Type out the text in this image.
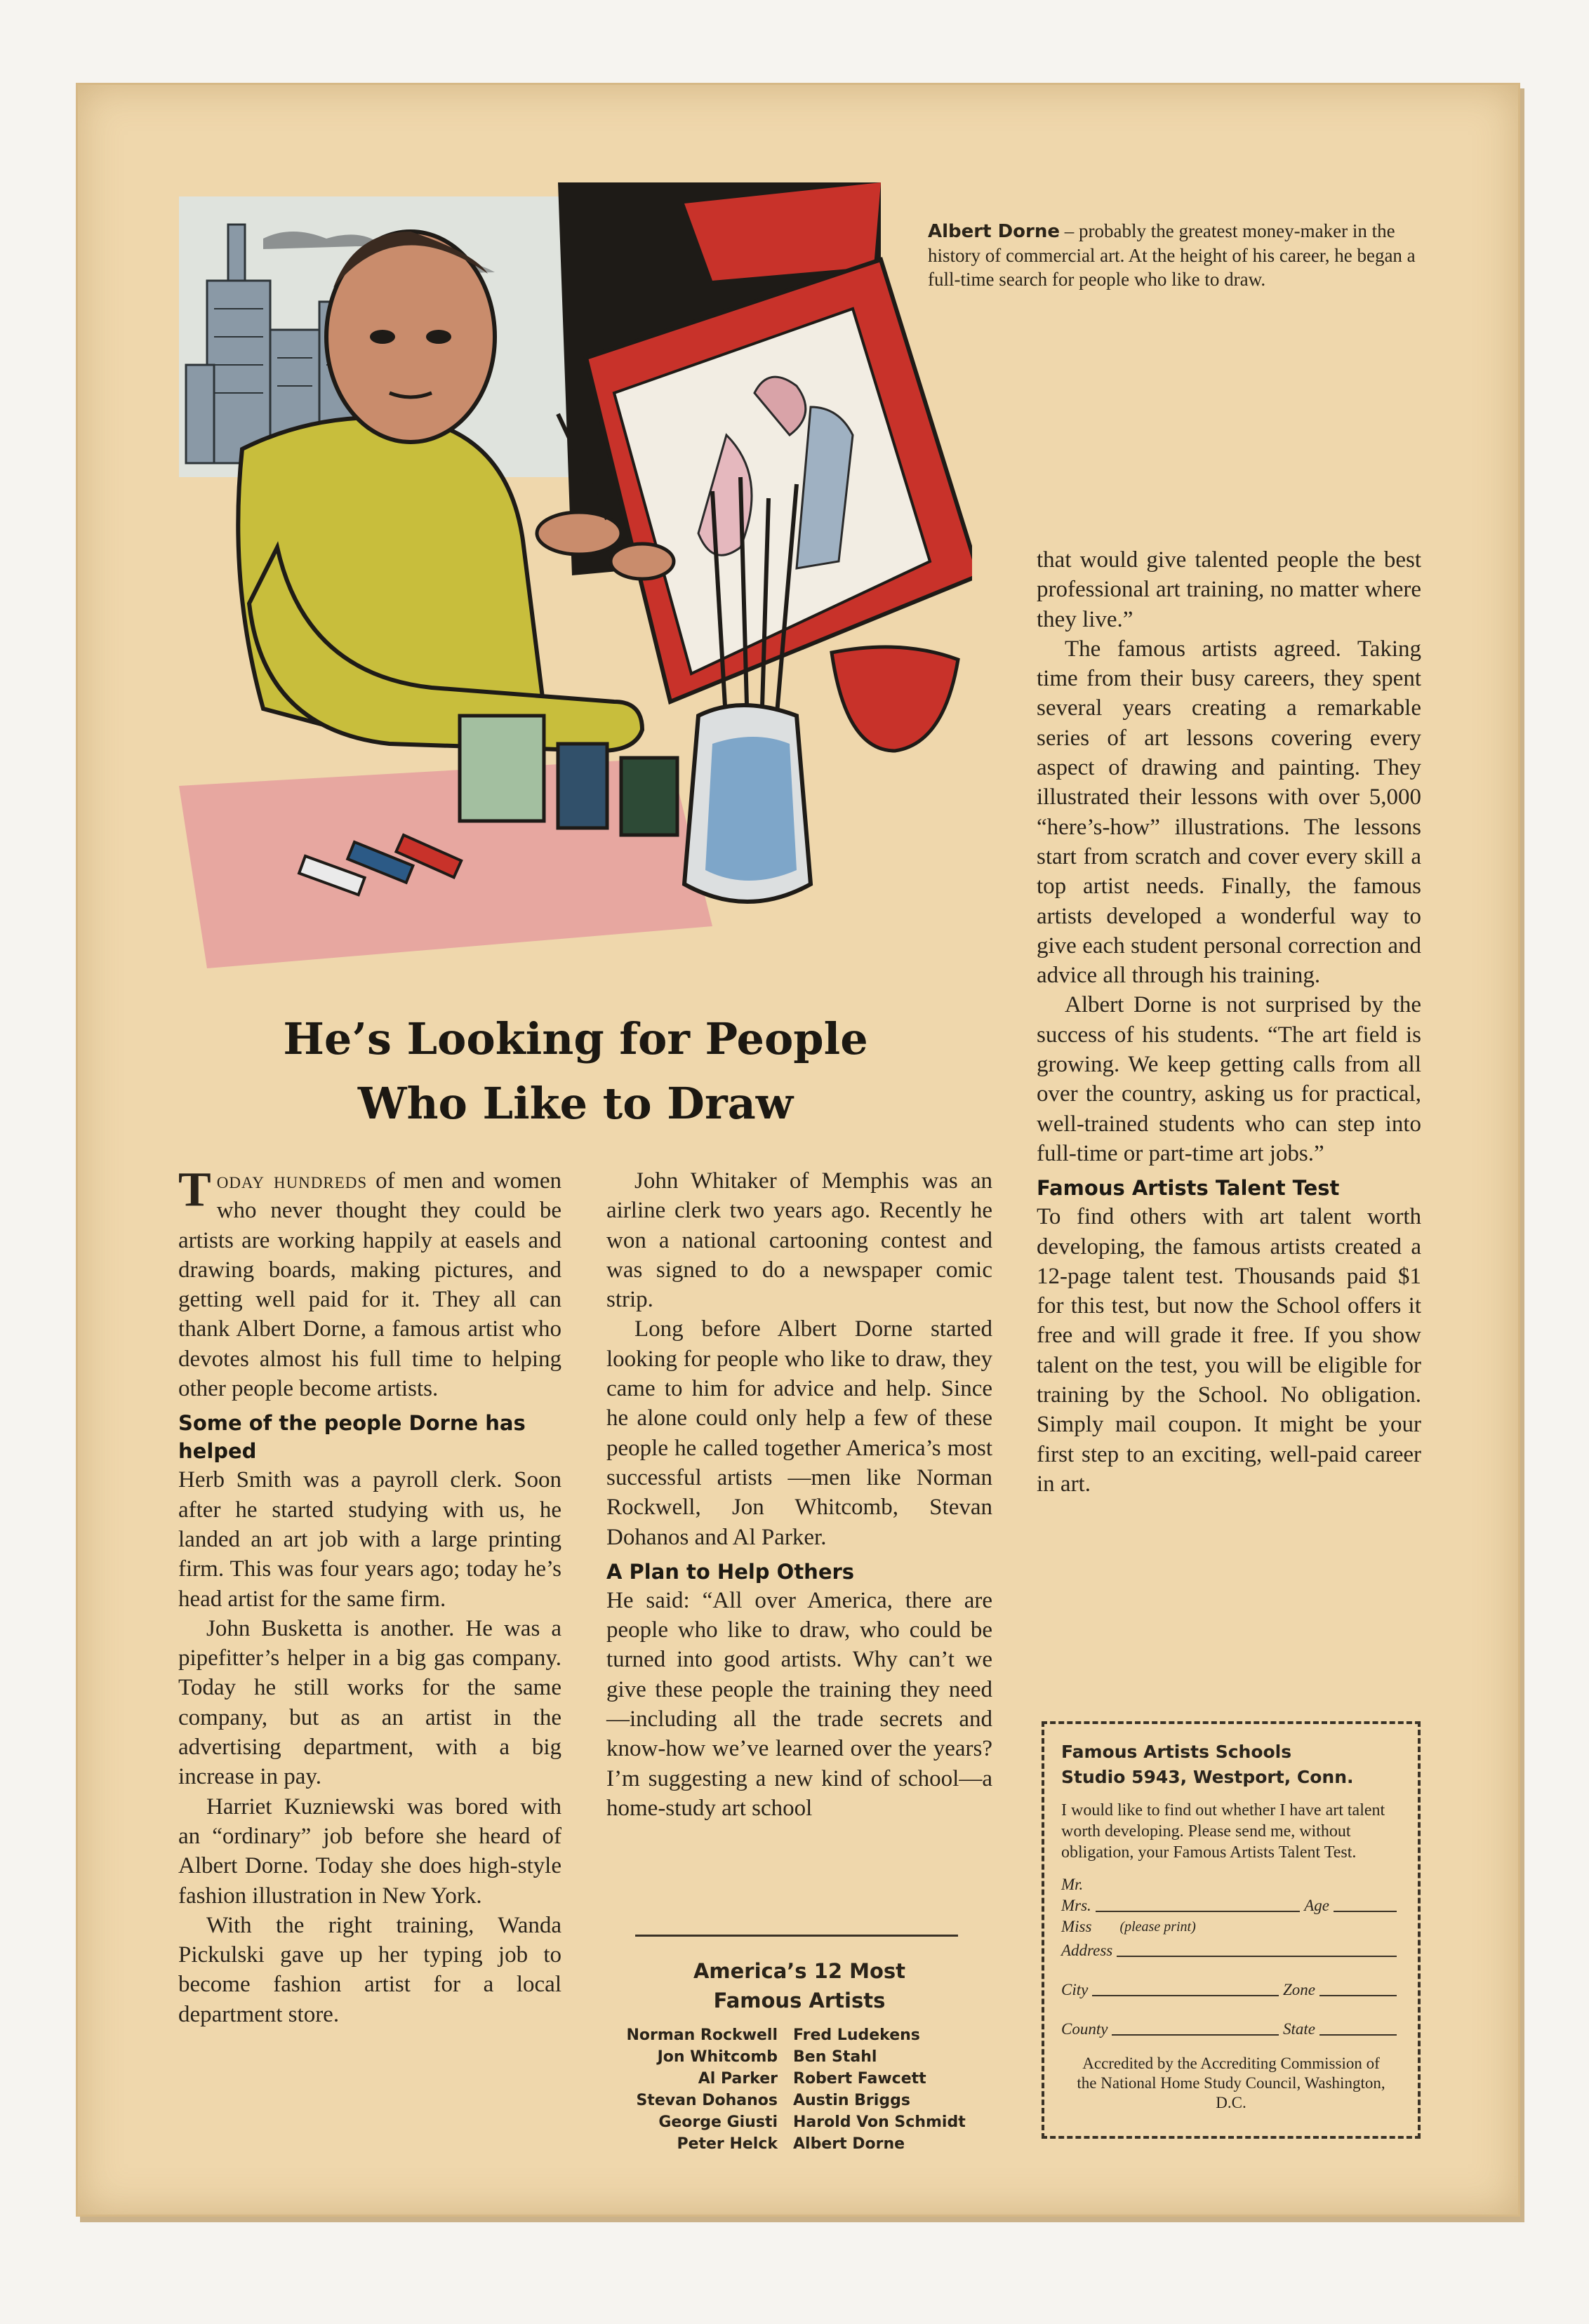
Albert Dorne – probably the greatest money-maker in the history of commercial art. At the height of his career, he began a full-time search for people who like to draw.
He’s Looking for People
Who Like to Draw

Today hundreds of men and women who never thought they could be artists are working happily at easels and drawing boards, making pictures, and getting well paid for it. They all can thank Albert Dorne, a famous artist who devotes almost his full time to helping other people become artists.

Some of the people Dorne has helped

Herb Smith was a payroll clerk. Soon after he started studying with us, he landed an art job with a large printing firm. This was four years ago; today he’s head artist for the same firm.

John Busketta is another. He was a pipefitter’s helper in a big gas company. Today he still works for the same company, but as an artist in the advertising department, with a big increase in pay.

Harriet Kuzniewski was bored with an “ordinary” job before she heard of Albert Dorne. Today she does high-style fashion illustration in New York.

With the right training, Wanda Pickulski gave up her typing job to become fashion artist for a local department store.

John Whitaker of Memphis was an airline clerk two years ago. Recently he won a national cartooning contest and was signed to do a newspaper comic strip.

Long before Albert Dorne started looking for people who like to draw, they came to him for advice and help. Since he alone could only help a few of these people he called together America’s most successful artists —men like Norman Rockwell, Jon Whitcomb, Stevan Dohanos and Al Parker.

A Plan to Help Others

He said: “All over America, there are people who like to draw, who could be turned into good artists. Why can’t we give these people the training they need—including all the trade secrets and know-how we’ve learned over the years? I’m suggesting a new kind of school—a home-study art school

America’s 12 Most
Famous Artists
Norman Rockwell	Fred Ludekens
Jon Whitcomb	Ben Stahl
Al Parker	Robert Fawcett
Stevan Dohanos	Austin Briggs
George Giusti	Harold Von Schmidt
Peter Helck	Albert Dorne

that would give talented people the best professional art training, no matter where they live.”

The famous artists agreed. Taking time from their busy careers, they spent several years creating a remarkable series of art lessons covering every aspect of drawing and painting. They illustrated their lessons with over 5,000 “here’s-how” illustrations. The lessons start from scratch and cover every skill a top artist needs. Finally, the famous artists developed a wonderful way to give each student personal correction and advice all through his training.

Albert Dorne is not surprised by the success of his students. “The art field is growing. We keep getting calls from all over the country, asking us for practical, well-trained students who can step into full-time or part-time art jobs.”

Famous Artists Talent Test

To find others with art talent worth developing, the famous artists created a 12-page talent test. Thousands paid $1 for this test, but now the School offers it free and will grade it free. If you show talent on the test, you will be eligible for training by the School. No obligation. Simply mail coupon. It might be your first step to an exciting, well-paid career in art.

Famous Artists Schools
Studio 5943, Westport, Conn.
I would like to find out whether I have art talent worth developing. Please send me, without obligation, your Famous Artists Talent Test.
Mr.
Mrs.	Age
Miss	(please print)
Address
City	Zone
County	State
Accredited by the Accrediting Commission of the National Home Study Council, Washington, D.C.
